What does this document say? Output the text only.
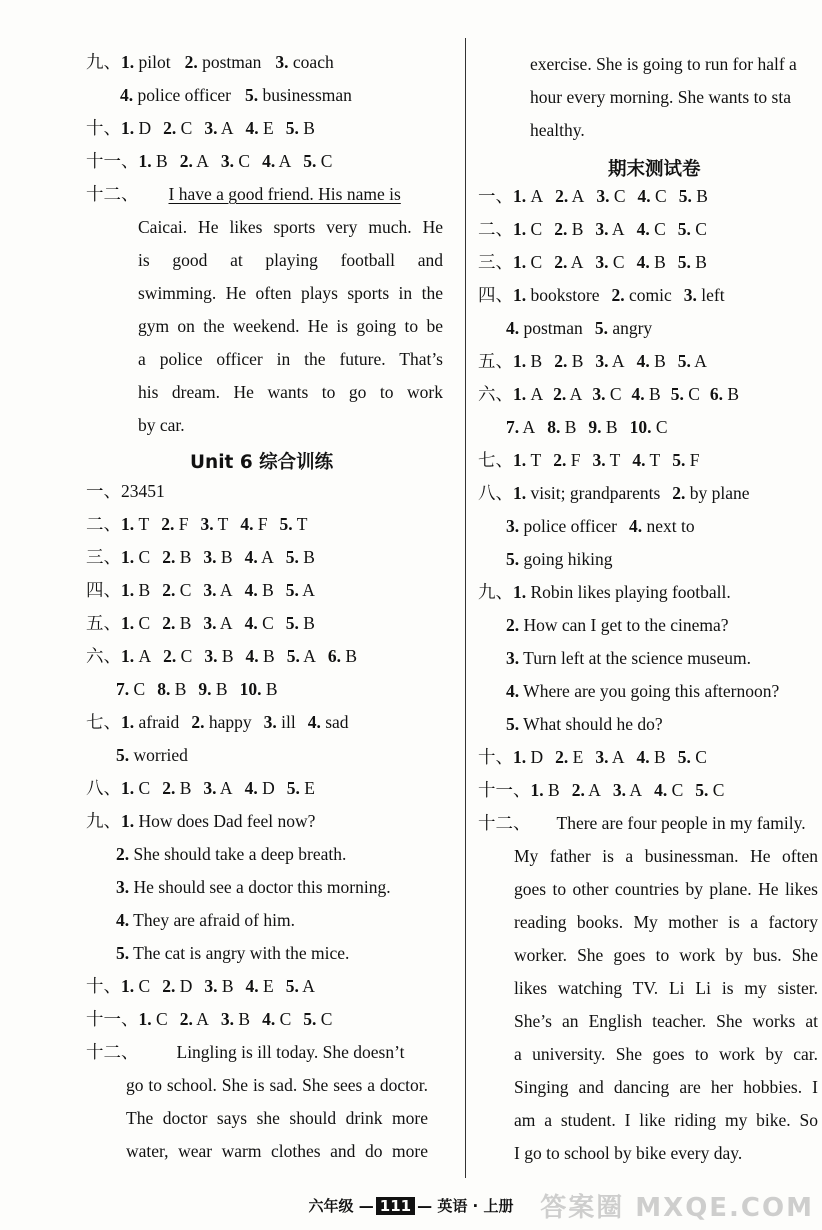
九、1. pilot 2. postman 3. coach
4. police officer 5. businessman
十、1. D 2. C 3. A 4. E 5. B
十一、1. B 2. A 3. C 4. A 5. C
十二、 I have a good friend. His name is
Caicai. He likes sports very much. He
is good at playing football and
swimming. He often plays sports in the
gym on the weekend. He is going to be
a police officer in the future. That’s
his dream. He wants to go to work
by car.
Unit 6 综合训练
一、23451
二、1. T 2. F 3. T 4. F 5. T
三、1. C 2. B 3. B 4. A 5. B
四、1. B 2. C 3. A 4. B 5. A
五、1. C 2. B 3. A 4. C 5. B
六、1. A 2. C 3. B 4. B 5. A 6. B
7. C 8. B 9. B 10. B
七、1. afraid 2. happy 3. ill 4. sad
5. worried
八、1. C 2. B 3. A 4. D 5. E
九、1. How does Dad feel now?
2. She should take a deep breath.
3. He should see a doctor this morning.
4. They are afraid of him.
5. The cat is angry with the mice.
十、1. C 2. D 3. B 4. E 5. A
十一、1. C 2. A 3. B 4. C 5. C
十二、 Lingling is ill today. She doesn’t
go to school. She is sad. She sees a doctor.
The doctor says she should drink more
water, wear warm clothes and do more
exercise. She is going to run for half a
hour every morning. She wants to sta
healthy.
期末测试卷
一、1. A 2. A 3. C 4. C 5. B
二、1. C 2. B 3. A 4. C 5. C
三、1. C 2. A 3. C 4. B 5. B
四、1. bookstore 2. comic 3. left
4. postman 5. angry
五、1. B 2. B 3. A 4. B 5. A
六、1. A 2. A 3. C 4. B 5. C 6. B
7. A 8. B 9. B 10. C
七、1. T 2. F 3. T 4. T 5. F
八、1. visit; grandparents 2. by plane
3. police officer 4. next to
5. going hiking
九、1. Robin likes playing football.
2. How can I get to the cinema?
3. Turn left at the science museum.
4. Where are you going this afternoon?
5. What should he do?
十、1. D 2. E 3. A 4. B 5. C
十一、1. B 2. A 3. A 4. C 5. C
十二、 There are four people in my family.
My father is a businessman. He often
goes to other countries by plane. He likes
reading books. My mother is a factory
worker. She goes to work by bus. She
likes watching TV. Li Li is my sister.
She’s an English teacher. She works at
a university. She goes to work by car.
Singing and dancing are her hobbies. I
am a student. I like riding my bike. So
I go to school by bike every day.
六年级 — 111 — 英语 · 上册	答案圈 MXQE.COM
